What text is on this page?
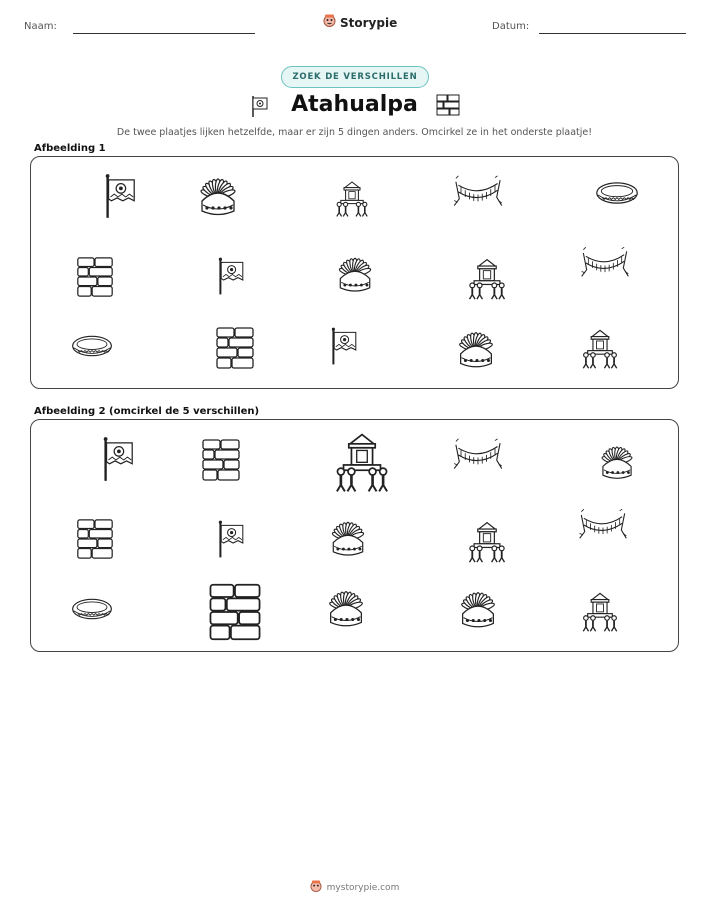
Naam:	Datum:
Storypie
ZOEK DE VERSCHILLEN
Atahualpa
De twee plaatjes lijken hetzelfde, maar er zijn 5 dingen anders. Omcirkel ze in het onderste plaatje!
Afbeelding 1
Afbeelding 2 (omcirkel de 5 verschillen)
mystorypie.com
